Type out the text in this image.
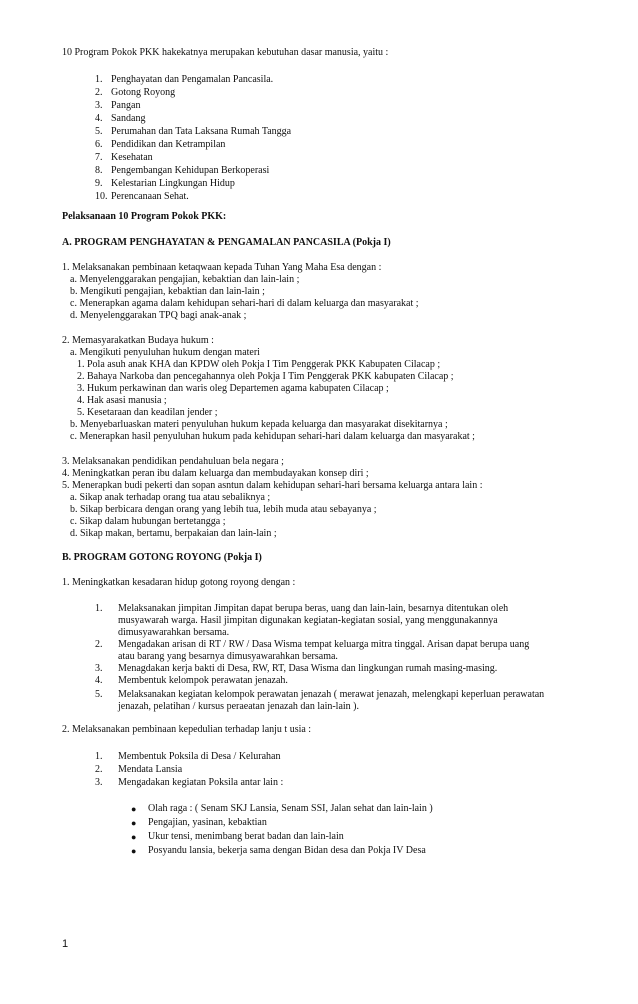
10 Program Pokok PKK hakekatnya merupakan kebutuhan dasar manusia, yaitu :
1. Penghayatan dan Pengamalan Pancasila.
2. Gotong Royong
3. Pangan
4. Sandang
5. Perumahan dan Tata Laksana Rumah Tangga
6. Pendidikan dan Ketrampilan
7. Kesehatan
8. Pengembangan Kehidupan Berkoperasi
9. Kelestarian Lingkungan Hidup
10. Perencanaan Sehat.
Pelaksanaan 10 Program Pokok PKK:
A. PROGRAM PENGHAYATAN & PENGAMALAN PANCASILA (Pokja I)
1. Melaksanakan pembinaan ketaqwaan kepada Tuhan Yang Maha Esa dengan :
a. Menyelenggarakan pengajian, kebaktian dan lain-lain ;
b. Mengikuti pengajian, kebaktian dan lain-lain ;
c. Menerapkan agama dalam kehidupan sehari-hari di dalam keluarga dan masyarakat ;
d. Menyelenggarakan TPQ bagi anak-anak ;
2. Memasyarakatkan Budaya hukum :
a. Mengikuti penyuluhan hukum dengan materi
1. Pola asuh anak KHA dan KPDW oleh Pokja I Tim Penggerak PKK Kabupaten Cilacap ;
2. Bahaya Narkoba dan pencegahannya oleh Pokja I Tim Penggerak PKK kabupaten Cilacap ;
3. Hukum perkawinan dan waris oleg Departemen agama kabupaten Cilacap ;
4. Hak asasi manusia ;
5. Kesetaraan dan keadilan jender ;
b. Menyebarluaskan materi penyuluhan hukum kepada keluarga dan masyarakat disekitarnya ;
c. Menerapkan hasil penyuluhan hukum pada kehidupan sehari-hari dalam keluarga dan masyarakat ;
3. Melaksanakan pendidikan pendahuluan bela negara ;
4. Meningkatkan peran ibu dalam keluarga dan membudayakan konsep diri ;
5. Menerapkan budi pekerti dan sopan asntun dalam kehidupan sehari-hari bersama keluarga antara lain :
a. Sikap anak terhadap orang tua atau sebaliknya ;
b. Sikap berbicara dengan orang yang lebih tua, lebih muda atau sebayanya ;
c. Sikap dalam hubungan bertetangga ;
d. Sikap makan, bertamu, berpakaian dan lain-lain ;
B. PROGRAM GOTONG ROYONG (Pokja I)
1. Meningkatkan kesadaran hidup gotong royong dengan :
1. Melaksanakan jimpitan Jimpitan dapat berupa beras, uang dan lain-lain, besarnya ditentukan oleh
musyawarah warga. Hasil jimpitan digunakan kegiatan-kegiatan sosial, yang menggunakannya
dimusyawarahkan bersama.
2. Mengadakan arisan di RT / RW / Dasa Wisma tempat keluarga mitra tinggal. Arisan dapat berupa uang
atau barang yang besarnya dimusyawarahkan bersama.
3. Menagdakan kerja bakti di Desa, RW, RT, Dasa Wisma dan lingkungan rumah masing-masing.
4. Membentuk kelompok perawatan jenazah.
5. Melaksanakan kegiatan kelompok perawatan jenazah ( merawat jenazah, melengkapi keperluan perawatan
jenazah, pelatihan / kursus peraeatan jenazah dan lain-lain ).
2. Melaksanakan pembinaan kepedulian terhadap lanju t usia :
1. Membentuk Poksila di Desa / Kelurahan
2. Mendata Lansia
3. Mengadakan kegiatan Poksila antar lain :
● Olah raga : ( Senam SKJ Lansia, Senam SSI, Jalan sehat dan lain-lain )
● Pengajian, yasinan, kebaktian
● Ukur tensi, menimbang berat badan dan lain-lain
● Posyandu lansia, bekerja sama dengan Bidan desa dan Pokja IV Desa
1
